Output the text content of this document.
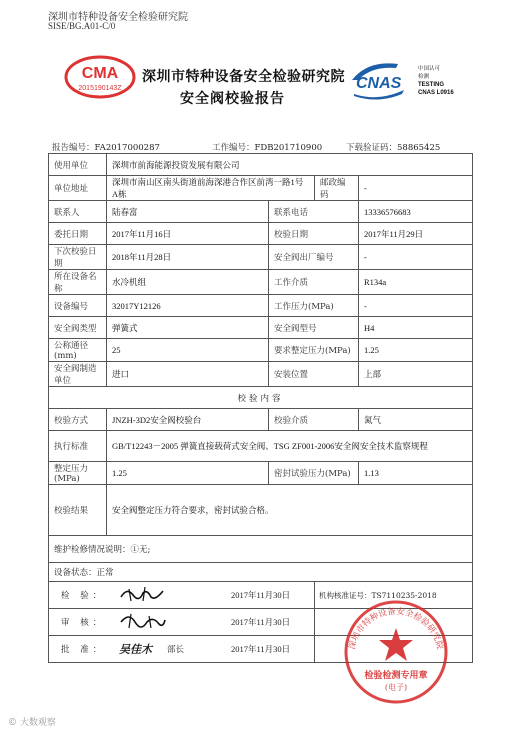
深圳市特种设备安全检验研究院
SISE/BG.A01-C/0
CMA
2015190143Z
深圳市特种设备安全检验研究院
安全阀校验报告
CNAS
中国认可
检测
TESTING
CNAS L0916
报告编号：FA2017000287	工作编号：FDB201710900	下载验证码：58865425
使用单位	深圳市前海能源投资发展有限公司			
单位地址	深圳市南山区南头街道前海深港合作区前湾一路1号A栋		邮政编码	-
联系人	陆春富	联系电话		13336576683
委托日期	2017年11月16日	校验日期		2017年11月29日
下次校验日期	2018年11月28日	安全阀出厂编号		-
所在设备名称	水冷机组	工作介质		R134a
设备编号	32017Y12126	工作压力(MPa)		-
安全阀类型	弹簧式	安全阀型号		H4
公称通径(mm)	25	要求整定压力(MPa)		1.25
安全阀制造单位	进口	安装位置		上部
校验内容				
校验方式	JNZH-3D2安全阀校验台	校验介质		氮气
执行标准	GB/T12243－2005 弹簧直接载荷式安全阀、TSG ZF001-2006安全阀安全技术监察规程			
整定压力(MPa)	1.25	密封试验压力(MPa)		1.13
校验结果	安全阀整定压力符合要求，密封试验合格。			
维护检修情况说明：①无;				
设备状态：正常				

检 验： 2017年11月30日			机构核准证号：TS7110235-2018	

审 核： 2017年11月30日				

批 准： 吴佳木 部长 2017年11月30日				
		深圳市特种设备安全检验研究院
检验检测专用章
(电子)
© 大数观察
